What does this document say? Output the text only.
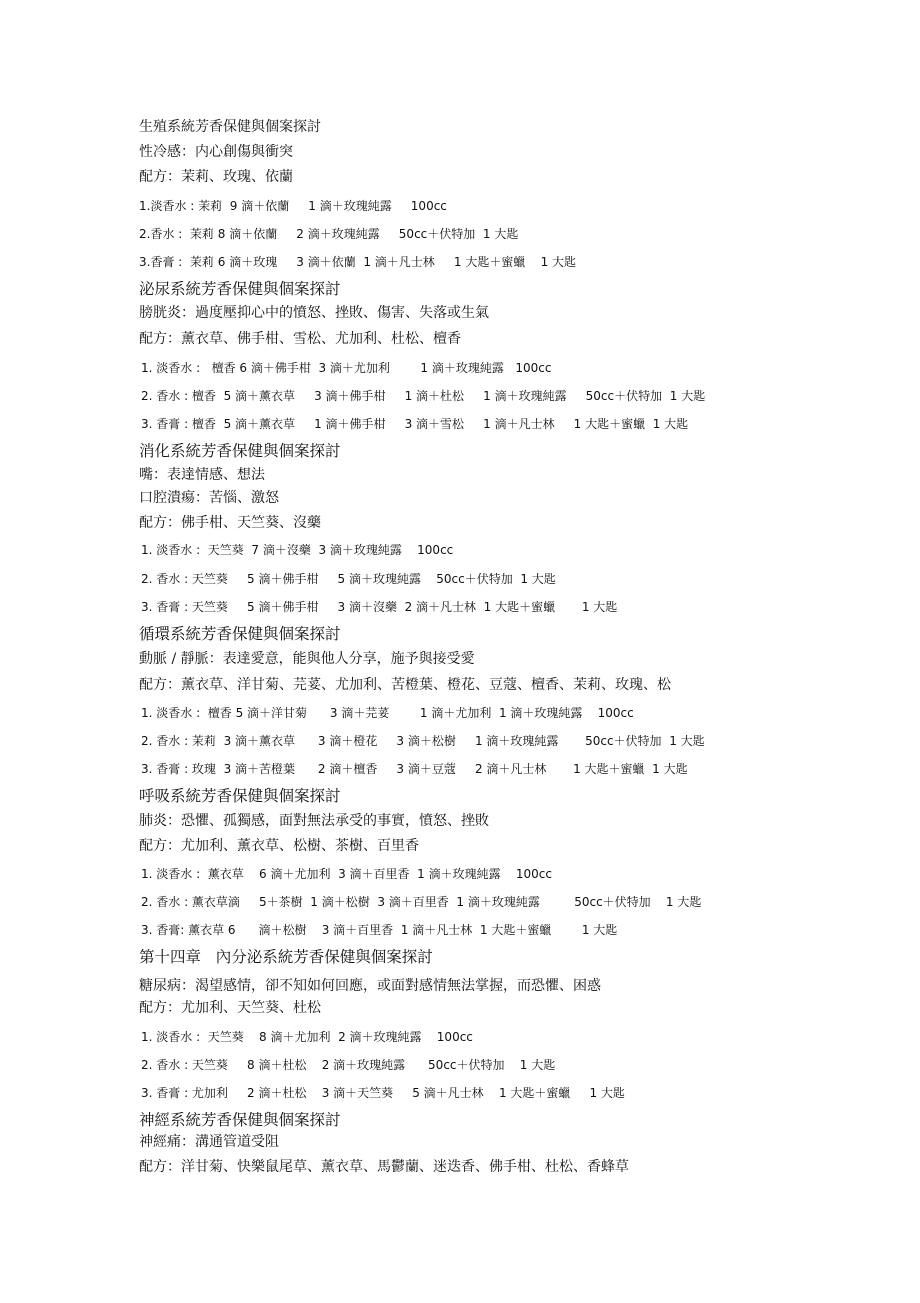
生殖系統芳香保健與個案探討
性冷感：内心創傷與衝突
配方：茉莉、玫瑰、依蘭
1.淡香水 : 茉莉  9 滴＋依蘭     1 滴＋玫瑰純露     100cc
2.香水 :  茉莉 8 滴＋依蘭     2 滴＋玫瑰純露     50cc＋伏特加  1 大匙
3.香膏 :  茉莉 6 滴＋玫瑰     3 滴＋依蘭  1 滴＋凡士林     1 大匙＋蜜蠟    1 大匙
泌尿系統芳香保健與個案探討
膀胱炎：過度壓抑心中的憤怒、挫敗、傷害、失落或生氣
配方：薰衣草、佛手柑、雪松、尤加利、杜松、檀香
1. 淡香水 :   檀香 6 滴＋佛手柑  3 滴＋尤加利        1 滴＋玫瑰純露   100cc
2. 香水 : 檀香  5 滴＋薰衣草     3 滴＋佛手柑     1 滴＋杜松     1 滴＋玫瑰純露     50cc＋伏特加  1 大匙
3. 香膏 : 檀香  5 滴＋薰衣草     1 滴＋佛手柑     3 滴＋雪松     1 滴＋凡士林     1 大匙＋蜜蠟  1 大匙
消化系統芳香保健與個案探討
嘴：表達情感、想法
口腔潰瘍：苦惱、激怒
配方：佛手柑、天竺葵、沒藥
1. 淡香水 :  天竺葵  7 滴＋沒藥  3 滴＋玫瑰純露    100cc
2. 香水 : 天竺葵     5 滴＋佛手柑     5 滴＋玫瑰純露    50cc＋伏特加  1 大匙
3. 香膏 : 天竺葵     5 滴＋佛手柑     3 滴＋沒藥  2 滴＋凡士林  1 大匙＋蜜蠟       1 大匙
循環系統芳香保健與個案探討
動脈 / 靜脈：表達愛意，能與他人分享，施予與接受愛
配方：薰衣草、洋甘菊、芫荽、尤加利、苦橙葉、橙花、豆蔻、檀香、茉莉、玫瑰、松
1. 淡香水 :  檀香 5 滴＋洋甘菊      3 滴＋芫荽        1 滴＋尤加利  1 滴＋玫瑰純露    100cc
2. 香水 : 茉莉  3 滴＋薰衣草      3 滴＋橙花     3 滴＋松樹     1 滴＋玫瑰純露       50cc＋伏特加  1 大匙
3. 香膏 : 玫瑰  3 滴＋苦橙葉      2 滴＋檀香     3 滴＋豆蔻     2 滴＋凡士林       1 大匙＋蜜蠟  1 大匙
呼吸系統芳香保健與個案探討
肺炎：恐懼、孤獨感，面對無法承受的事實，憤怒、挫敗
配方：尤加利、薰衣草、松樹、茶樹、百里香
1. 淡香水 :  薰衣草    6 滴＋尤加利  3 滴＋百里香  1 滴＋玫瑰純露    100cc
2. 香水 : 薰衣草滴     5＋茶樹  1 滴＋松樹  3 滴＋百里香  1 滴＋玫瑰純露         50cc＋伏特加    1 大匙
3. 香膏: 薰衣草 6      滴＋松樹    3 滴＋百里香  1 滴＋凡士林  1 大匙＋蜜蠟        1 大匙
第十四章   內分泌系統芳香保健與個案探討
糖尿病：渴望感情，卻不知如何回應，或面對感情無法掌握，而恐懼、困惑
配方：尤加利、天竺葵、杜松
1. 淡香水 :  天竺葵    8 滴＋尤加利  2 滴＋玫瑰純露    100cc
2. 香水 : 天竺葵     8 滴＋杜松    2 滴＋玫瑰純露      50cc＋伏特加    1 大匙
3. 香膏 : 尤加利     2 滴＋杜松    3 滴＋天竺葵     5 滴＋凡士林    1 大匙＋蜜蠟     1 大匙
神經系統芳香保健與個案探討
神經痛：溝通管道受阻
配方：洋甘菊、快樂鼠尾草、薰衣草、馬鬱蘭、迷迭香、佛手柑、杜松、香蜂草
